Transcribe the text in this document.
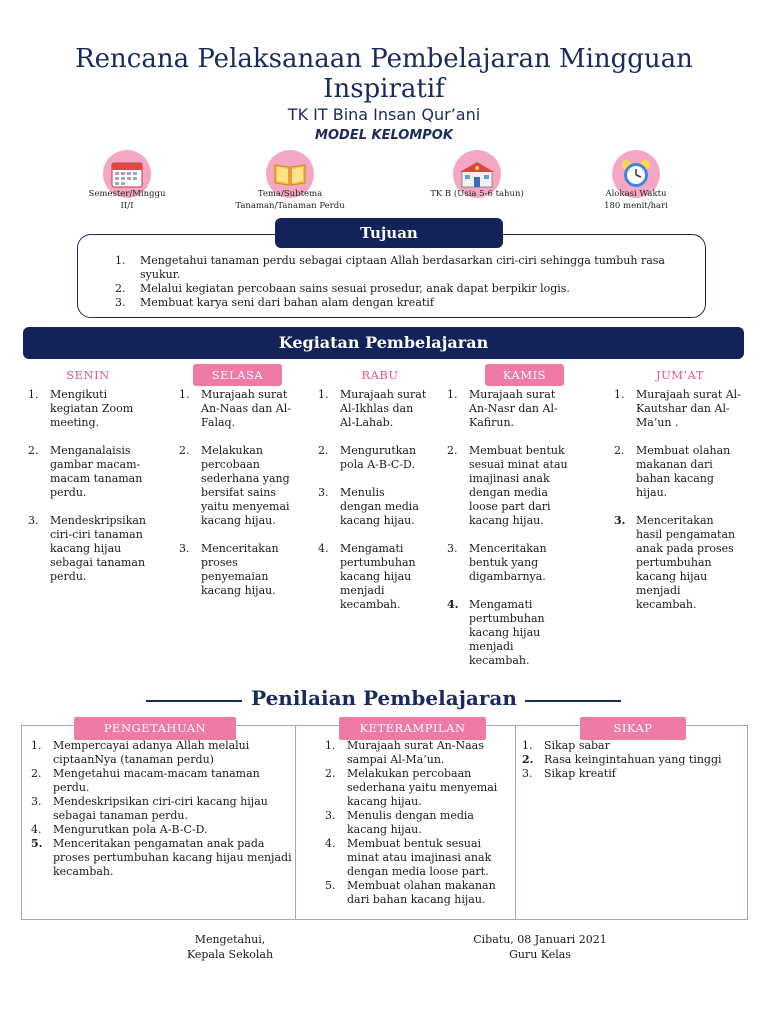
Rencana Pelaksanaan Pembelajaran Mingguan
Inspiratif
TK IT Bina Insan Qur’ani
MODEL KELOMPOK
Semester/Minggu
II/I
Tema/Subtema
Tanaman/Tanaman Perdu
TK B (Usia 5-6 tahun)	Alokasi Waktu
180 menit/hari
Tujuan
1. Mengetahui tanaman perdu sebagai ciptaan Allah berdasarkan ciri-ciri sehingga tumbuh rasa syukur.
2. Melalui kegiatan percobaan sains sesuai prosedur, anak dapat berpikir logis.
3. Membuat karya seni dari bahan alam dengan kreatif
Kegiatan Pembelajaran
SENIN	SELASA	RABU	KAMIS	JUM’AT
1. Mengikuti kegiatan Zoom meeting.
2. Menganalaisis gambar macam-macam tanaman perdu.
3. Mendeskripsikan ciri-ciri tanaman kacang hijau sebagai tanaman perdu.
1. Murajaah surat An-Naas dan Al-Falaq.
2. Melakukan percobaan sederhana yang bersifat sains yaitu menyemai kacang hijau.
3. Menceritakan proses penyemaian kacang hijau.
1. Murajaah surat Al-Ikhlas dan Al-Lahab.
2. Mengurutkan pola A-B-C-D.
3. Menulis dengan media kacang hijau.
4. Mengamati pertumbuhan kacang hijau menjadi kecambah.
1. Murajaah surat An-Nasr dan Al-Kafirun.
2. Membuat bentuk sesuai minat atau imajinasi anak dengan media loose part dari kacang hijau.
3. Menceritakan bentuk yang digambarnya.
4. Mengamati pertumbuhan kacang hijau menjadi kecambah.
1. Murajaah surat Al-Kautshar dan Al-Ma’un .
2. Membuat olahan makanan dari bahan kacang hijau.
3. Menceritakan hasil pengamatan anak pada proses pertumbuhan kacang hijau menjadi kecambah.
Penilaian Pembelajaran
PENGETAHUAN	KETERAMPILAN	SIKAP
1. Mempercayai adanya Allah melalui ciptaanNya (tanaman perdu)
2. Mengetahui macam-macam tanaman perdu.
3. Mendeskripsikan ciri-ciri kacang hijau sebagai tanaman perdu.
4. Mengurutkan pola A-B-C-D.
5. Menceritakan pengamatan anak pada proses pertumbuhan kacang hijau menjadi kecambah.
1. Murajaah surat An-Naas sampai Al-Ma’un.
2. Melakukan percobaan sederhana yaitu menyemai kacang hijau.
3. Menulis dengan media kacang hijau.
4. Membuat bentuk sesuai minat atau imajinasi anak dengan media loose part.
5. Membuat olahan makanan dari bahan kacang hijau.
1. Sikap sabar
2. Rasa keingintahuan yang tinggi
3. Sikap kreatif
Mengetahui,
Kepala Sekolah
Cibatu, 08 Januari 2021
Guru Kelas
